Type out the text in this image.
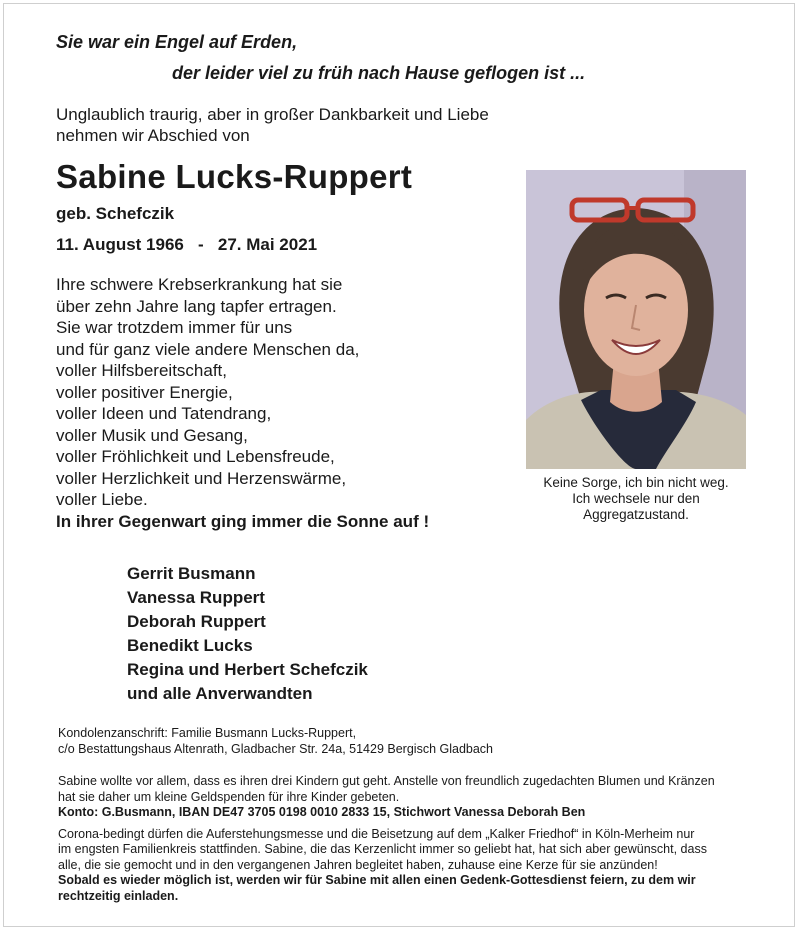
Sie war ein Engel auf Erden,
der leider viel zu früh nach Hause geflogen ist ...
Unglaublich traurig, aber in großer Dankbarkeit und Liebe
nehmen wir Abschied von
Sabine Lucks-Ruppert
geb. Schefczik
11. August 1966   -   27. Mai 2021
Ihre schwere Krebserkrankung hat sie
über zehn Jahre lang tapfer ertragen.
Sie war trotzdem immer für uns
und für ganz viele andere Menschen da,
voller Hilfsbereitschaft,
voller positiver Energie,
voller Ideen und Tatendrang,
voller Musik und Gesang,
voller Fröhlichkeit und Lebensfreude,
voller Herzlichkeit und Herzenswärme,
voller Liebe.
In ihrer Gegenwart ging immer die Sonne auf !
Gerrit Busmann
Vanessa Ruppert
Deborah Ruppert
Benedikt Lucks
Regina und Herbert Schefczik
und alle Anverwandten
Keine Sorge, ich bin nicht weg.
Ich wechsele nur den
Aggregatzustand.
Kondolenzanschrift: Familie Busmann Lucks-Ruppert,
c/o Bestattungshaus Altenrath, Gladbacher Str. 24a, 51429 Bergisch Gladbach
Sabine wollte vor allem, dass es ihren drei Kindern gut geht. Anstelle von freundlich zugedachten Blumen und Kränzen
hat sie daher um kleine Geldspenden für ihre Kinder gebeten.
Konto: G.Busmann, IBAN DE47 3705 0198 0010 2833 15, Stichwort Vanessa Deborah Ben
Corona-bedingt dürfen die Auferstehungsmesse und die Beisetzung auf dem „Kalker Friedhof“ in Köln-Merheim nur
im engsten Familienkreis stattfinden. Sabine, die das Kerzenlicht immer so geliebt hat, hat sich aber gewünscht, dass
alle, die sie gemocht und in den vergangenen Jahren begleitet haben, zuhause eine Kerze für sie anzünden!
Sobald es wieder möglich ist, werden wir für Sabine mit allen einen Gedenk-Gottesdienst feiern, zu dem wir
rechtzeitig einladen.
